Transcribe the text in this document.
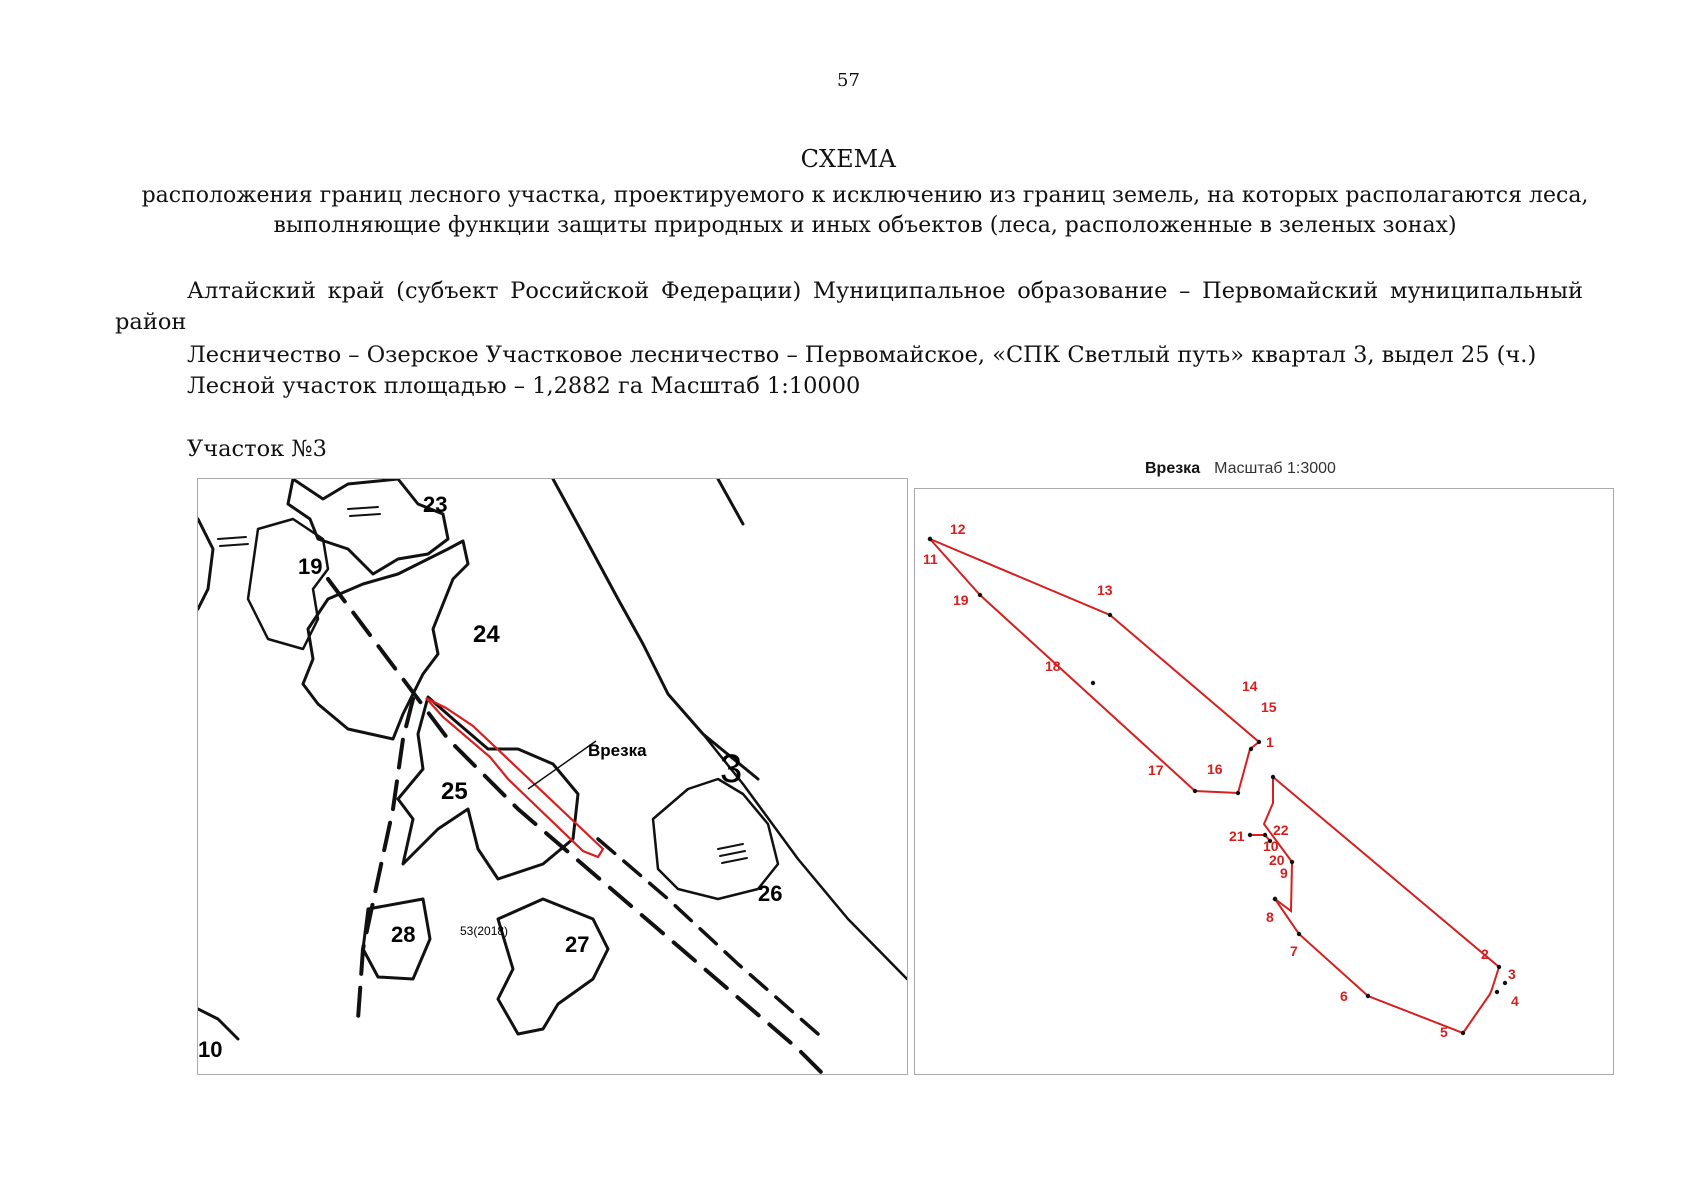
57
СХЕМА
расположения границ лесного участка, проектируемого к исключению из границ земель, на которых располагаются леса, выполняющие функции защиты природных и иных объектов (леса, расположенные в зеленых зонах)
Алтайский край (субъект Российской Федерации) Муниципальное образование – Первомайский муниципальный район
Лесничество – Озерское Участковое лесничество – Первомайское, «СПК Светлый путь» квартал 3, выдел 25 (ч.)
Лесной участок площадью – 1,2882 га Масштаб 1:10000
Участок №3
23
19
24
25
3
26
28	27
53(2018)
10
Врезка
Врезка Масштаб 1:3000
1
2
3
4
5
6
7
8
9
10
11
12
13
14
15
16
17
18
19
20
21 22
